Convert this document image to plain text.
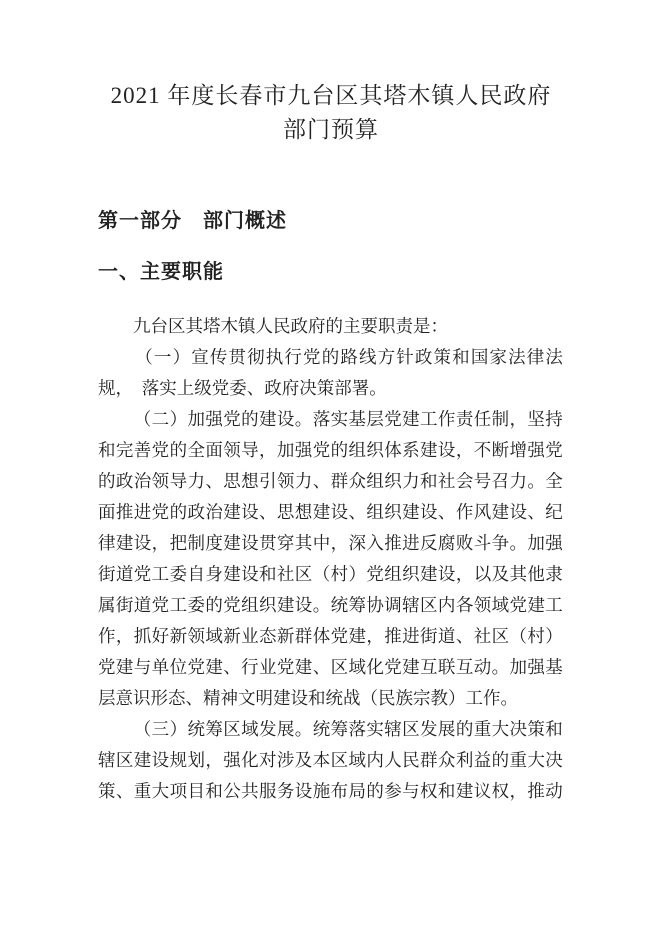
2021 年度长春市九台区其塔木镇人民政府
部门预算
第一部分　部门概述
一、主要职能
　　九台区其塔木镇人民政府的主要职责是：

（ 一 ） 宣 传 贯 彻 执 行 党 的 路 线 方 针 政 策 和 国 家 法 律 法
规，　落实上级党委、政府决策部署。

（ 二 ） 加 强 党 的 建 设 。 落 实 基 层 党 建 工 作 责 任 制 ， 坚 持
和 完 善 党 的 全 面 领 导 ， 加 强 党 的 组 织 体 系 建 设 ， 不 断 增 强 党
的 政 治 领 导 力 、 思 想 引 领 力 、 群 众 组 织 力 和 社 会 号 召 力 。 全
面 推 进 党 的 政 治 建 设 、 思 想 建 设 、 组 织 建 设 、 作 风 建 设 、 纪
律 建 设 ， 把 制 度 建 设 贯 穿 其 中 ， 深 入 推 进 反 腐 败 斗 争 。 加 强
街 道 党 工 委 自 身 建 设 和 社 区 （ 村 ） 党 组 织 建 设 ， 以 及 其 他 隶
属 街 道 党 工 委 的 党 组 织 建 设 。 统 筹 协 调 辖 区 内 各 领 域 党 建 工
作 ， 抓 好 新 领 域 新 业 态 新 群 体 党 建 ， 推 进 街 道 、 社 区 （ 村 ）
党 建 与 单 位 党 建 、 行 业 党 建 、 区 域 化 党 建 互 联 互 动 。 加 强 基
层意识形态、精神文明建设和统战（民族宗教）工作。

（ 三 ） 统 筹 区 域 发 展 。 统 筹 落 实 辖 区 发 展 的 重 大 决 策 和
辖 区 建 设 规 划 ， 强 化 对 涉 及 本 区 域 内 人 民 群 众 利 益 的 重 大 决
策 、 重 大 项 目 和 公 共 服 务 设 施 布 局 的 参 与 权 和 建 议 权 ， 推 动
